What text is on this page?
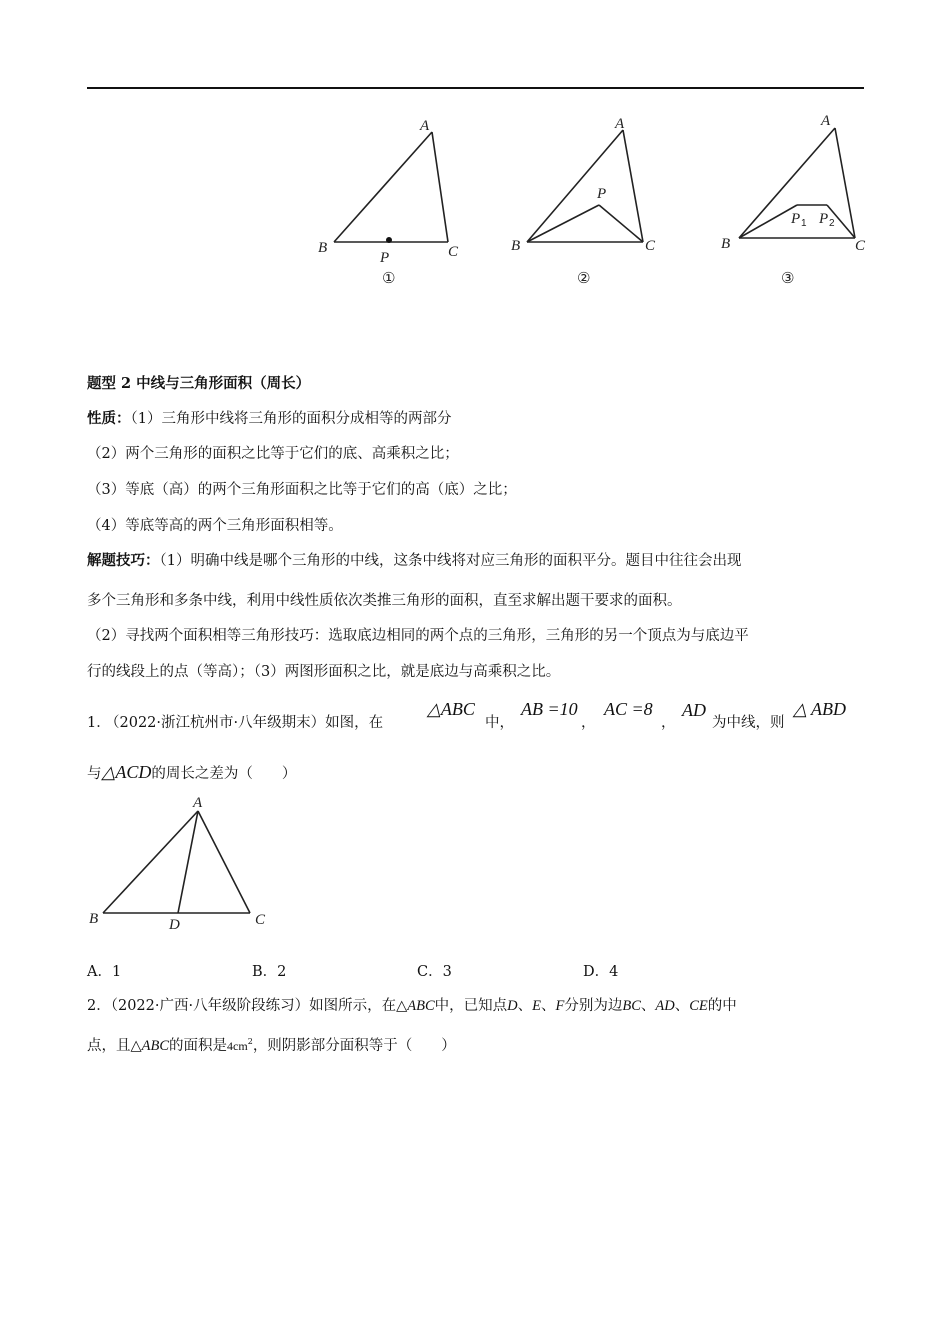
A
B	C
P
①
A
B	C
P
②
A
B	C
P 1 P 2
③
题型 2 中线与三角形面积（周长）
性质：（1）三角形中线将三角形的面积分成相等的两部分
（2）两个三角形的面积之比等于它们的底、高乘积之比；
（3）等底（高）的两个三角形面积之比等于它们的高（底）之比；
（4）等底等高的两个三角形面积相等。
解题技巧：（1）明确中线是哪个三角形的中线，这条中线将对应三角形的面积平分。题目中往往会出现
多个三角形和多条中线，利用中线性质依次类推三角形的面积，直至求解出题干要求的面积。
（2）寻找两个面积相等三角形技巧：选取底边相同的两个点的三角形，三角形的另一个顶点为与底边平
行的线段上的点（等高）；（3）两图形面积之比，就是底边与高乘积之比。
1．
（2022·浙江杭州市·八年级期末）如图，在
△ABC
中，
AB =10
，
AC =8
，
AD
为中线，则
△ ABD
与△ACD的周长之差为（　　）
A
B	C
D
A．1	B．2	C．3	D．4
2．（2022·广西·八年级阶段练习）如图所示，在△ABC中，已知点D、E、F分别为边BC、AD、CE的中
点，且△ABC的面积是$4cm^2$，则阴影部分面积等于（　　）
